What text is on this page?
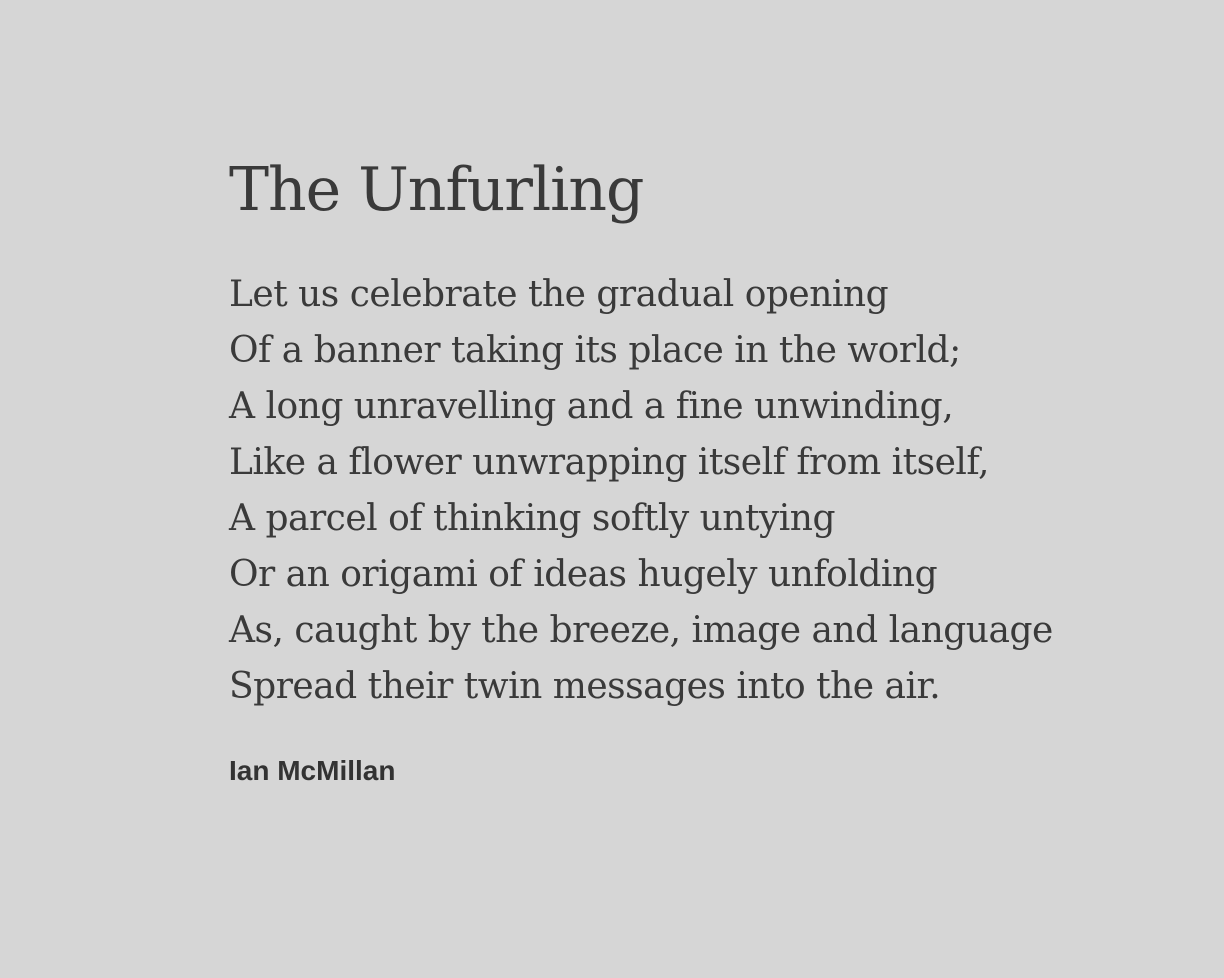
The Unfurling

Let us celebrate the gradual opening

Of a banner taking its place in the world;

A long unravelling and a fine unwinding,

Like a flower unwrapping itself from itself,

A parcel of thinking softly untying

Or an origami of ideas hugely unfolding

As, caught by the breeze, image and language

Spread their twin messages into the air.

Ian McMillan
